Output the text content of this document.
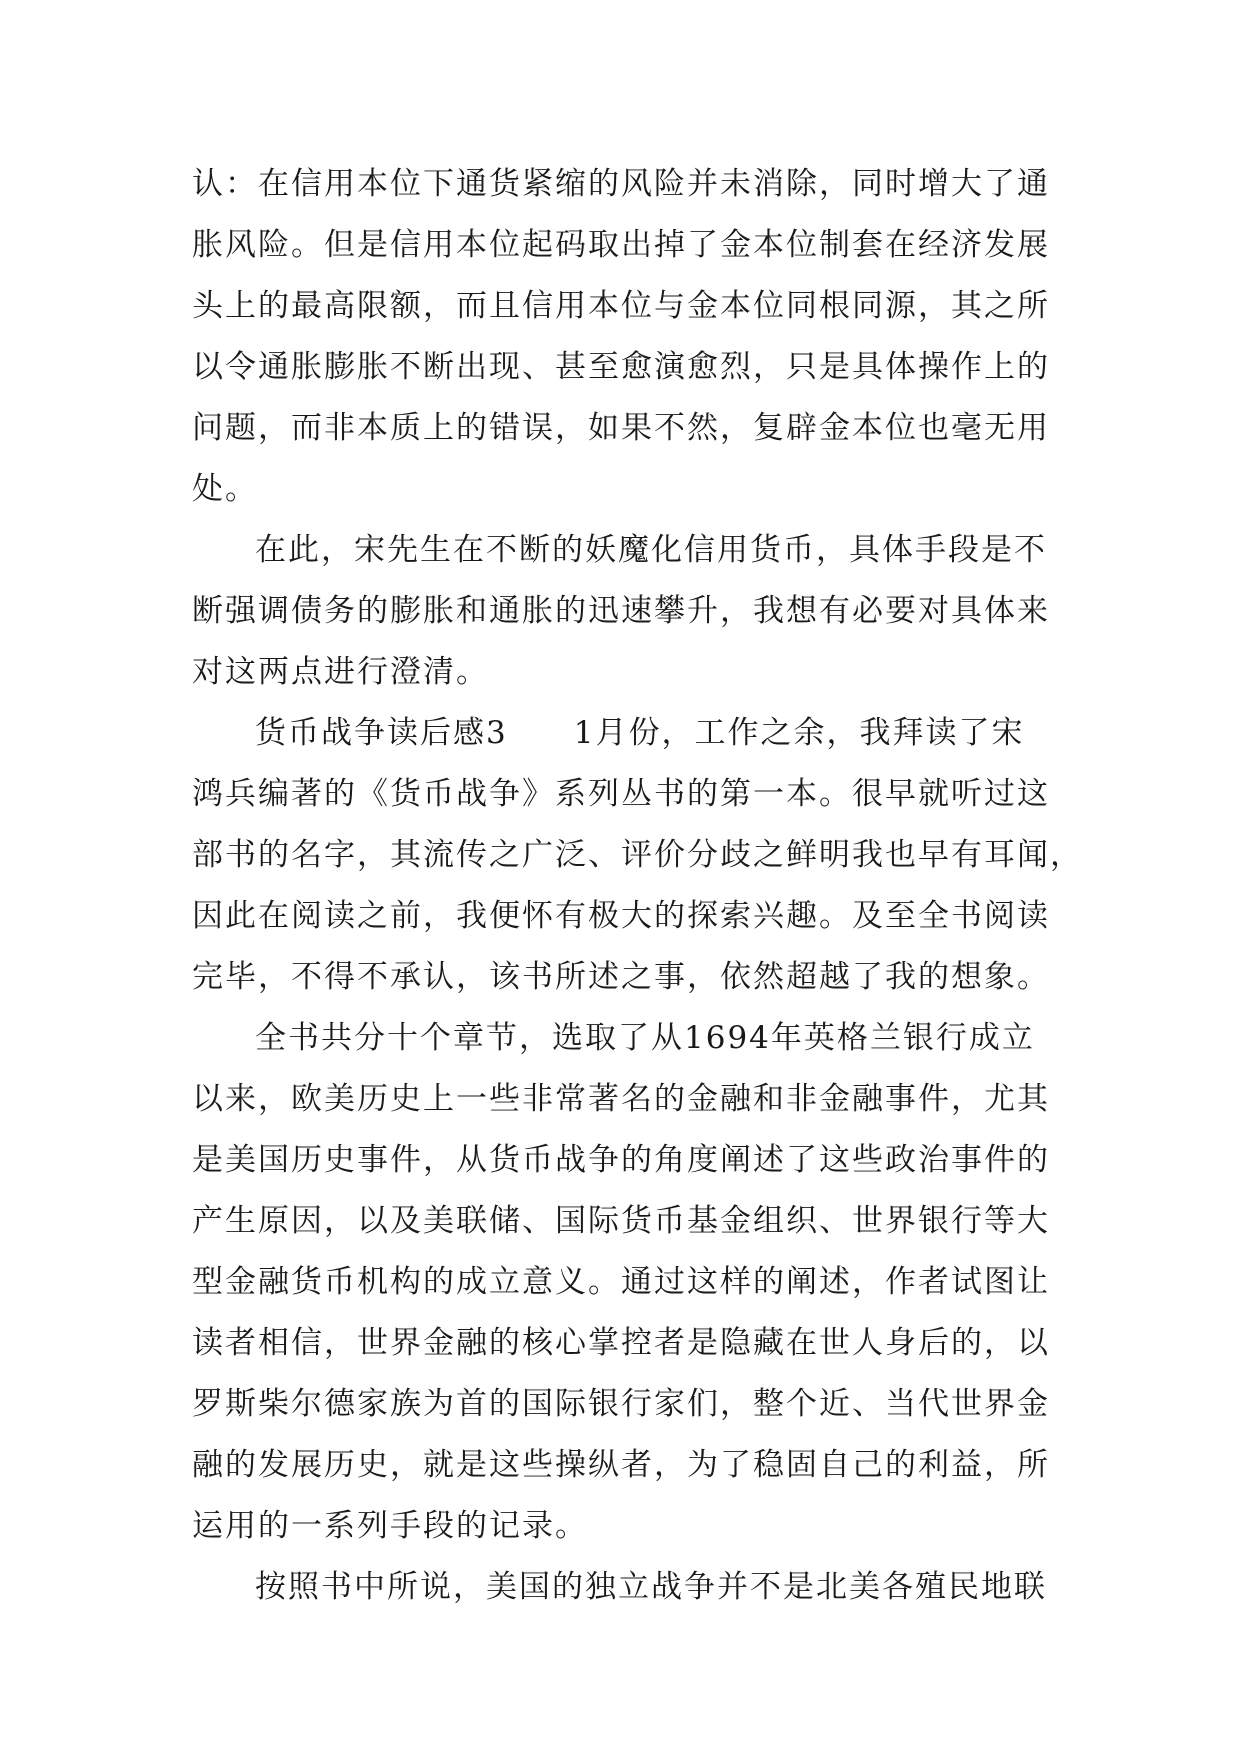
认：在信用本位下通货紧缩的风险并未消除，同时增大了通
胀风险。但是信用本位起码取出掉了金本位制套在经济发展
头上的最高限额，而且信用本位与金本位同根同源，其之所
以令通胀膨胀不断出现、甚至愈演愈烈，只是具体操作上的
问题，而非本质上的错误，如果不然，复辟金本位也毫无用
处。
在此，宋先生在不断的妖魔化信用货币，具体手段是不
断强调债务的膨胀和通胀的迅速攀升，我想有必要对具体来
对这两点进行澄清。
货币战争读后感3　　1月份，工作之余，我拜读了宋
鸿兵编著的《货币战争》系列丛书的第一本。很早就听过这
部书的名字，其流传之广泛、评价分歧之鲜明我也早有耳闻，
因此在阅读之前，我便怀有极大的探索兴趣。及至全书阅读
完毕，不得不承认，该书所述之事，依然超越了我的想象。
全书共分十个章节，选取了从1694年英格兰银行成立
以来，欧美历史上一些非常著名的金融和非金融事件，尤其
是美国历史事件，从货币战争的角度阐述了这些政治事件的
产生原因，以及美联储、国际货币基金组织、世界银行等大
型金融货币机构的成立意义。通过这样的阐述，作者试图让
读者相信，世界金融的核心掌控者是隐藏在世人身后的，以
罗斯柴尔德家族为首的国际银行家们，整个近、当代世界金
融的发展历史，就是这些操纵者，为了稳固自己的利益，所
运用的一系列手段的记录。
按照书中所说，美国的独立战争并不是北美各殖民地联
